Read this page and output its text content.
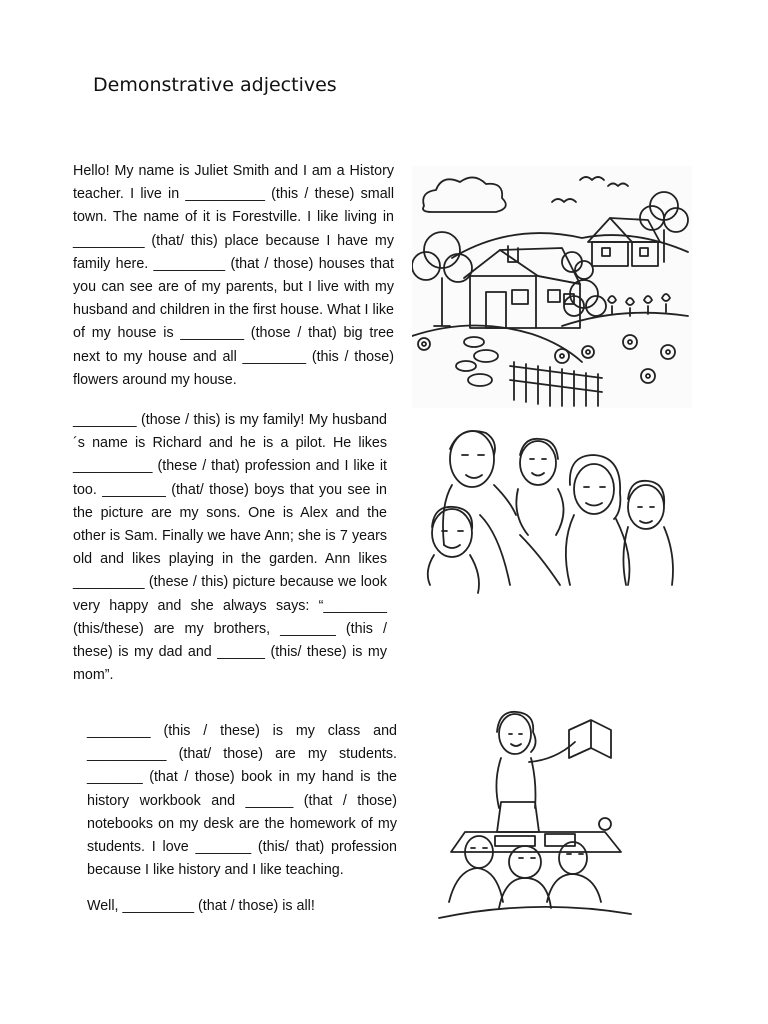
Demonstrative adjectives

Hello! My name is Juliet Smith and I am a History teacher. I live in __________ (this / these) small town. The name of it is Forestville. I like living in _________ (that/ this) place because I have my family here. _________ (that / those) houses that you can see are of my parents, but I live with my husband and children in the first house. What I like of my house is ________ (those / that) big tree next to my house and all ________ (this / those) flowers around my house.

________ (those / this) is my family! My husband´s name is Richard and he is a pilot. He likes __________ (these / that) profession and I like it too. ________ (that/ those) boys that you see in the picture are my sons. One is Alex and the other is Sam. Finally we have Ann; she is 7 years old and likes playing in the garden. Ann likes _________ (these / this) picture because we look very happy and she always says: “________ (this/these) are my brothers, _______ (this / these) is my dad and ______ (this/ these) is my mom”.

________ (this / these) is my class and __________ (that/ those) are my students. _______ (that / those) book in my hand is the history workbook and ______ (that / those) notebooks on my desk are the homework of my students. I love _______ (this/ that) profession because I like history and I like teaching.

Well, _________ (that / those) is all!
